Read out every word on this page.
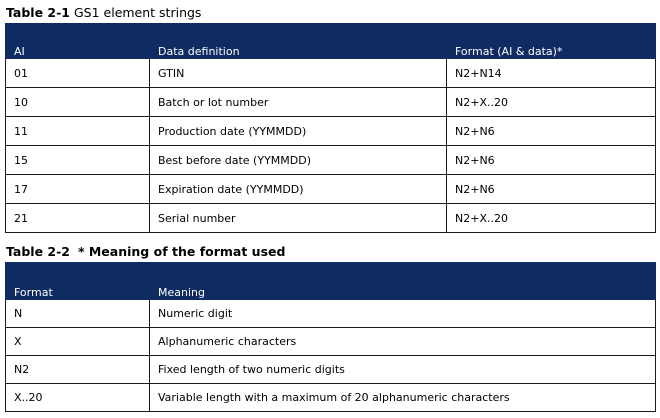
Table 2-1 GS1 element strings
AI	Data definition	Format (AI & data)*
01	GTIN	N2+N14
10	Batch or lot number	N2+X..20
11	Production date (YYMMDD)	N2+N6
15	Best before date (YYMMDD)	N2+N6
17	Expiration date (YYMMDD)	N2+N6
21	Serial number	N2+X..20
Table 2-2 * Meaning of the format used
Format	Meaning
N	Numeric digit
X	Alphanumeric characters
N2	Fixed length of two numeric digits
X..20	Variable length with a maximum of 20 alphanumeric characters
